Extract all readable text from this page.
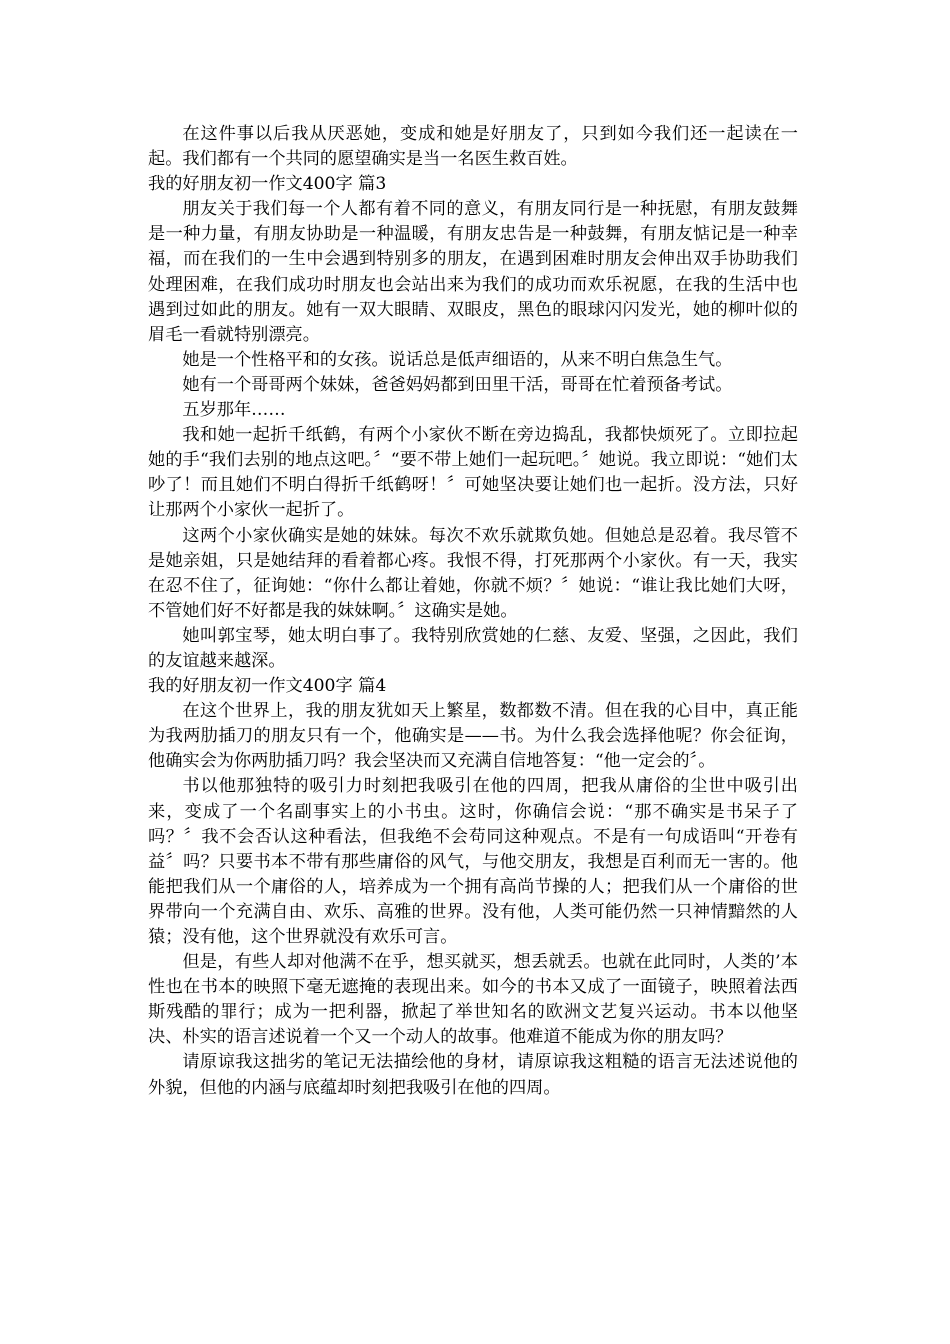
在这件事以后我从厌恶她，变成和她是好朋友了，只到如今我们还一起读在一起。我们都有一个共同的愿望确实是当一名医生救百姓。

我的好朋友初一作文400字 篇3

朋友关于我们每一个人都有着不同的意义，有朋友同行是一种抚慰，有朋友鼓舞是一种力量，有朋友协助是一种温暖，有朋友忠告是一种鼓舞，有朋友惦记是一种幸福，而在我们的一生中会遇到特别多的朋友，在遇到困难时朋友会伸出双手协助我们处理困难，在我们成功时朋友也会站出来为我们的成功而欢乐祝愿，在我的生活中也遇到过如此的朋友。她有一双大眼睛、双眼皮，黑色的眼球闪闪发光，她的柳叶似的眉毛一看就特别漂亮。

她是一个性格平和的女孩。说话总是低声细语的，从来不明白焦急生气。

她有一个哥哥两个妹妹，爸爸妈妈都到田里干活，哥哥在忙着预备考试。

五岁那年……

我和她一起折千纸鹤，有两个小家伙不断在旁边捣乱，我都快烦死了。立即拉起她的手“我们去别的地点这吧。〞“要不带上她们一起玩吧。〞她说。我立即说：“她们太吵了！而且她们不明白得折千纸鹤呀！〞可她坚决要让她们也一起折。没方法，只好让那两个小家伙一起折了。

这两个小家伙确实是她的妹妹。每次不欢乐就欺负她。但她总是忍着。我尽管不是她亲姐，只是她结拜的看着都心疼。我恨不得，打死那两个小家伙。有一天，我实在忍不住了，征询她：“你什么都让着她，你就不烦？〞她说：“谁让我比她们大呀，不管她们好不好都是我的妹妹啊。〞这确实是她。

她叫郭宝琴，她太明白事了。我特别欣赏她的仁慈、友爱、坚强，之因此，我们的友谊越来越深。

我的好朋友初一作文400字 篇4

在这个世界上，我的朋友犹如天上繁星，数都数不清。但在我的心目中，真正能为我两肋插刀的朋友只有一个，他确实是——书。为什么我会选择他呢？你会征询，他确实会为你两肋插刀吗？我会坚决而又充满自信地答复：“他一定会的〞。

书以他那独特的吸引力时刻把我吸引在他的四周，把我从庸俗的尘世中吸引出来，变成了一个名副事实上的小书虫。这时，你确信会说：“那不确实是书呆子了吗？〞我不会否认这种看法，但我绝不会苟同这种观点。不是有一句成语叫“开卷有益〞吗？只要书本不带有那些庸俗的风气，与他交朋友，我想是百利而无一害的。他能把我们从一个庸俗的人，培养成为一个拥有高尚节操的人；把我们从一个庸俗的世界带向一个充满自由、欢乐、高雅的世界。没有他，人类可能仍然一只神情黯然的人猿；没有他，这个世界就没有欢乐可言。

但是，有些人却对他满不在乎，想买就买，想丢就丢。也就在此同时，人类的’本性也在书本的映照下毫无遮掩的表现出来。如今的书本又成了一面镜子，映照着法西斯残酷的罪行；成为一把利器，掀起了举世知名的欧洲文艺复兴运动。书本以他坚决、朴实的语言述说着一个又一个动人的故事。他难道不能成为你的朋友吗？

请原谅我这拙劣的笔记无法描绘他的身材，请原谅我这粗糙的语言无法述说他的外貌，但他的内涵与底蕴却时刻把我吸引在他的四周。
